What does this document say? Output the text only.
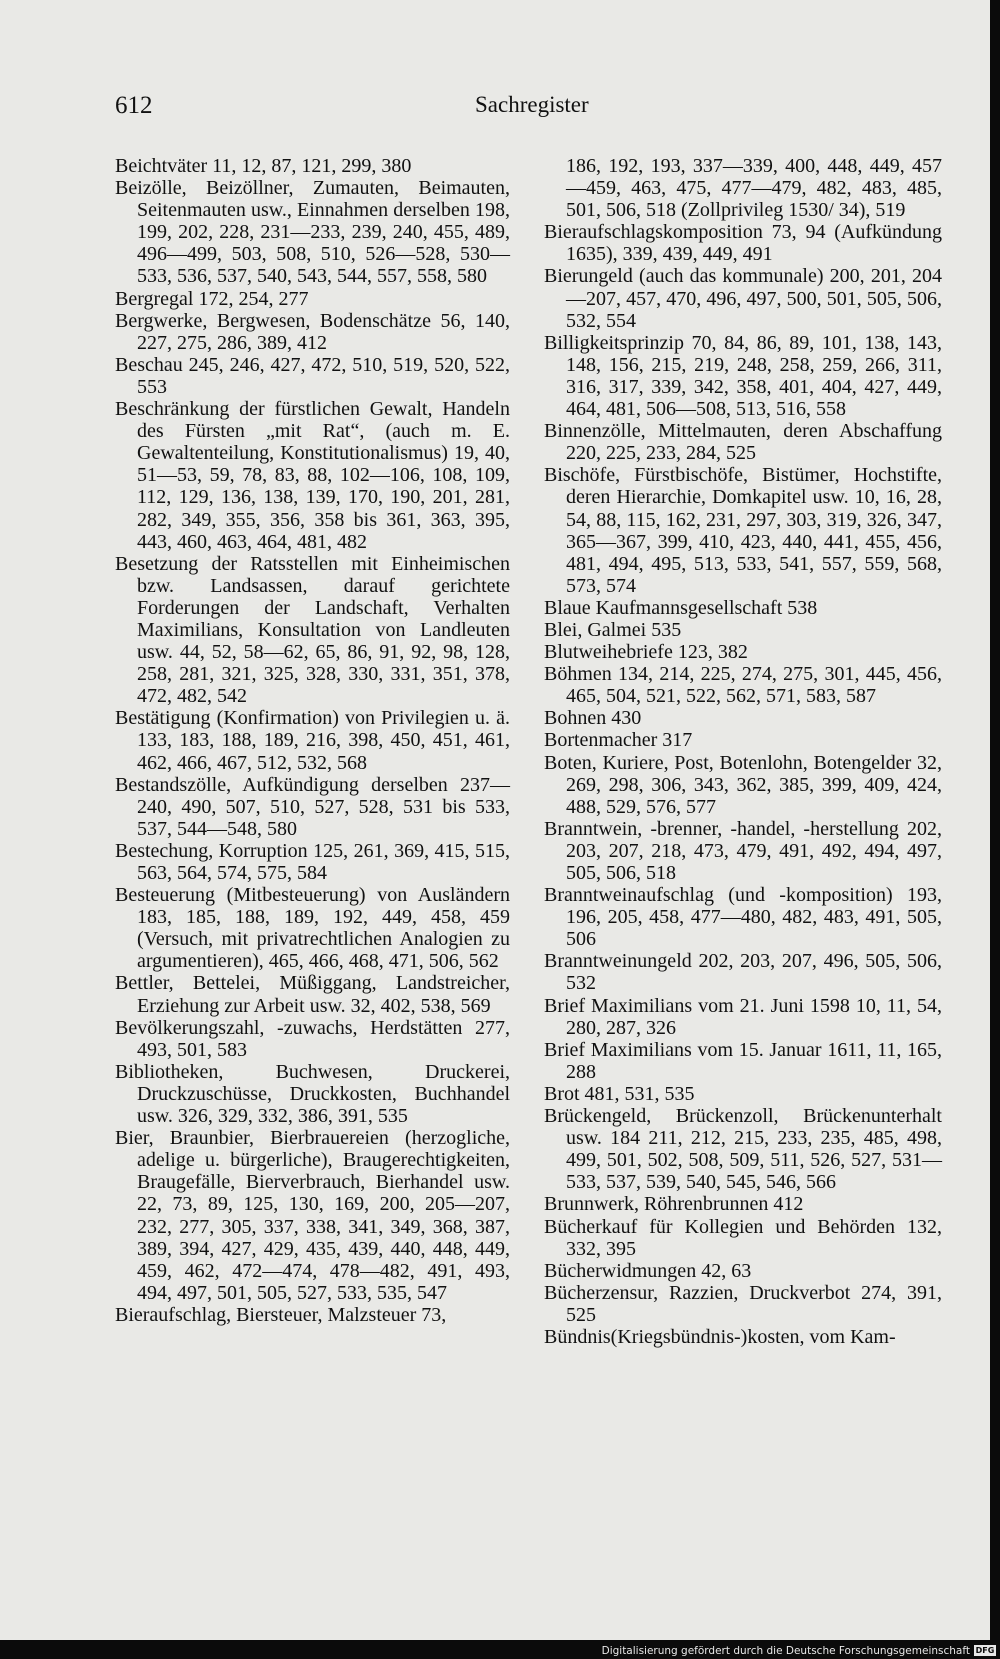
612	Sachregister

Beichtväter 11, 12, 87, 121, 299, 380

Beizölle, Beizöllner, Zumauten, Beimauten, Seitenmauten usw., Einnahmen derselben 198, 199, 202, 228, 231—233, 239, 240, 455, 489, 496—499, 503, 508, 510, 526—528, 530—533, 536, 537, 540, 543, 544, 557, 558, 580

Bergregal 172, 254, 277

Bergwerke, Bergwesen, Bodenschätze 56, 140, 227, 275, 286, 389, 412

Beschau 245, 246, 427, 472, 510, 519, 520, 522, 553

Beschränkung der fürstlichen Gewalt, Handeln des Fürsten „mit Rat“, (auch m. E. Gewaltenteilung, Konstitutionalismus) 19, 40, 51—53, 59, 78, 83, 88, 102—106, 108, 109, 112, 129, 136, 138, 139, 170, 190, 201, 281, 282, 349, 355, 356, 358 bis 361, 363, 395, 443, 460, 463, 464, 481, 482

Besetzung der Ratsstellen mit Einheimischen bzw. Landsassen, darauf gerichtete Forderungen der Landschaft, Verhalten Maximilians, Konsultation von Landleuten usw. 44, 52, 58—62, 65, 86, 91, 92, 98, 128, 258, 281, 321, 325, 328, 330, 331, 351, 378, 472, 482, 542

Bestätigung (Konfirmation) von Privilegien u. ä. 133, 183, 188, 189, 216, 398, 450, 451, 461, 462, 466, 467, 512, 532, 568

Bestandszölle, Aufkündigung derselben 237—240, 490, 507, 510, 527, 528, 531 bis 533, 537, 544—548, 580

Bestechung, Korruption 125, 261, 369, 415, 515, 563, 564, 574, 575, 584

Besteuerung (Mitbesteuerung) von Ausländern 183, 185, 188, 189, 192, 449, 458, 459 (Versuch, mit privatrechtlichen Analogien zu argumentieren), 465, 466, 468, 471, 506, 562

Bettler, Bettelei, Müßiggang, Landstreicher, Erziehung zur Arbeit usw. 32, 402, 538, 569

Bevölkerungszahl, -zuwachs, Herdstätten 277, 493, 501, 583

Bibliotheken, Buchwesen, Druckerei, Druckzuschüsse, Druckkosten, Buchhandel usw. 326, 329, 332, 386, 391, 535

Bier, Braunbier, Bierbrauereien (herzogliche, adelige u. bürgerliche), Braugerechtigkeiten, Braugefälle, Bierverbrauch, Bierhandel usw. 22, 73, 89, 125, 130, 169, 200, 205—207, 232, 277, 305, 337, 338, 341, 349, 368, 387, 389, 394, 427, 429, 435, 439, 440, 448, 449, 459, 462, 472—474, 478—482, 491, 493, 494, 497, 501, 505, 527, 533, 535, 547

Bieraufschlag, Biersteuer, Malzsteuer 73,

186, 192, 193, 337—339, 400, 448, 449, 457—459, 463, 475, 477—479, 482, 483, 485, 501, 506, 518 (Zollprivileg 1530/ 34), 519

Bieraufschlagskomposition 73, 94 (Aufkündung 1635), 339, 439, 449, 491

Bierungeld (auch das kommunale) 200, 201, 204—207, 457, 470, 496, 497, 500, 501, 505, 506, 532, 554

Billigkeitsprinzip 70, 84, 86, 89, 101, 138, 143, 148, 156, 215, 219, 248, 258, 259, 266, 311, 316, 317, 339, 342, 358, 401, 404, 427, 449, 464, 481, 506—508, 513, 516, 558

Binnenzölle, Mittelmauten, deren Abschaffung 220, 225, 233, 284, 525

Bischöfe, Fürstbischöfe, Bistümer, Hochstifte, deren Hierarchie, Domkapitel usw. 10, 16, 28, 54, 88, 115, 162, 231, 297, 303, 319, 326, 347, 365—367, 399, 410, 423, 440, 441, 455, 456, 481, 494, 495, 513, 533, 541, 557, 559, 568, 573, 574

Blaue Kaufmannsgesellschaft 538

Blei, Galmei 535

Blutweihebriefe 123, 382

Böhmen 134, 214, 225, 274, 275, 301, 445, 456, 465, 504, 521, 522, 562, 571, 583, 587

Bohnen 430

Bortenmacher 317

Boten, Kuriere, Post, Botenlohn, Botengelder 32, 269, 298, 306, 343, 362, 385, 399, 409, 424, 488, 529, 576, 577

Branntwein, -brenner, -handel, -herstellung 202, 203, 207, 218, 473, 479, 491, 492, 494, 497, 505, 506, 518

Branntweinaufschlag (und -komposition) 193, 196, 205, 458, 477—480, 482, 483, 491, 505, 506

Branntweinungeld 202, 203, 207, 496, 505, 506, 532

Brief Maximilians vom 21. Juni 1598 10, 11, 54, 280, 287, 326

Brief Maximilians vom 15. Januar 1611, 11, 165, 288

Brot 481, 531, 535

Brückengeld, Brückenzoll, Brückenunterhalt usw. 184 211, 212, 215, 233, 235, 485, 498, 499, 501, 502, 508, 509, 511, 526, 527, 531—533, 537, 539, 540, 545, 546, 566

Brunnwerk, Röhrenbrunnen 412

Bücherkauf für Kollegien und Behörden 132, 332, 395

Bücherwidmungen 42, 63

Bücherzensur, Razzien, Druckverbot 274, 391, 525

Bündnis(Kriegsbündnis-)kosten, vom Kam-

Digitalisierung gefördert durch die Deutsche Forschungsgemeinschaft DFG
